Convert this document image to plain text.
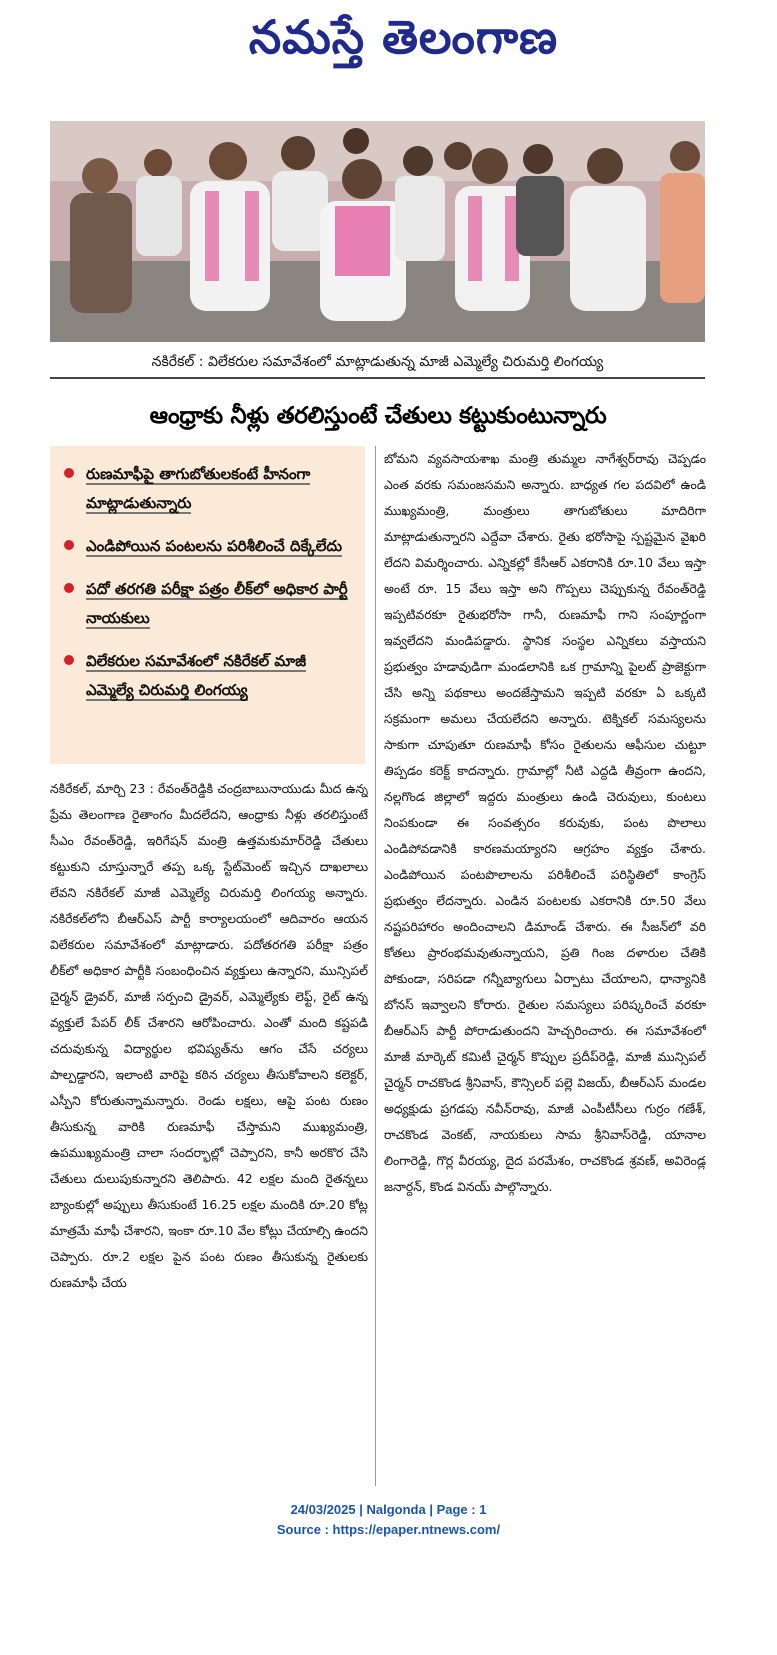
నమస్తే తెలంగాణ
నకిరేకల్ : విలేకరుల సమావేశంలో మాట్లాడుతున్న మాజీ ఎమ్మెల్యే చిరుమర్తి లింగయ్య
ఆంధ్రాకు నీళ్లు తరలిస్తుంటే చేతులు కట్టుకుంటున్నారు
రుణమాఫీపై తాగుబోతులకంటే హీనంగా మాట్లాడుతున్నారు
ఎండిపోయిన పంటలను పరిశీలించే దిక్కేలేదు
పదో తరగతి పరీక్షా పత్రం లీక్‌లో అధికార పార్టీ నాయకులు
విలేకరుల సమావేశంలో నకిరేకల్ మాజీ ఎమ్మెల్యే చిరుమర్తి లింగయ్య
నకిరేకల్, మార్చి 23 : రేవంత్‌రెడ్డికి చంద్రబాబునాయుడు మీద ఉన్న ప్రేమ తెలంగాణ రైతాంగం మీదలేదని, ఆంధ్రాకు నీళ్లు తరలిస్తుంటే సీఎం రేవంత్‌రెడ్డి, ఇరిగేషన్ మంత్రి ఉత్తమకుమార్‌రెడ్డి చేతులు కట్టుకుని చూస్తున్నారే తప్ప ఒక్క స్టేట్‌మెంట్ ఇచ్చిన దాఖలాలు లేవని నకిరేకల్ మాజీ ఎమ్మెల్యే చిరుమర్తి లింగయ్య అన్నారు. నకిరేకల్‌లోని బీఆర్‌ఎస్ పార్టీ కార్యాలయంలో ఆదివారం ఆయన విలేకరుల సమావేశంలో మాట్లాడారు. పదోతరగతి పరీక్షా పత్రం లీక్‌లో అధికార పార్టీకి సంబంధించిన వ్యక్తులు ఉన్నారని, మున్సిపల్ చైర్మన్ డ్రైవర్, మాజీ సర్పంచి డ్రైవర్, ఎమ్మెల్యేకు లెఫ్ట్, రైట్ ఉన్న వ్యక్తులే పేపర్ లీక్ చేశారని ఆరోపించారు. ఎంతో మంది కష్టపడి చదువుకున్న విద్యార్థుల భవిష్యత్‌ను ఆగం చేసే చర్యలు పాల్పడ్డారని, ఇలాంటి వారిపై కఠిన చర్యలు తీసుకోవాలని కలెక్టర్, ఎస్పీని కోరుతున్నామన్నారు. రెండు లక్షలు, ఆపై పంట రుణం తీసుకున్న వారికి రుణమాఫీ చేస్తామని ముఖ్యమంత్రి, ఉపముఖ్యమంత్రి చాలా సందర్భాల్లో చెప్పారని, కానీ అరకొర చేసి చేతులు దులుపుకున్నారని తెలిపారు. 42 లక్షల మంది రైతన్నలు బ్యాంకుల్లో అప్పులు తీసుకుంటే 16.25 లక్షల మందికి రూ.20 కోట్ల మాత్రమే మాఫీ చేశారని, ఇంకా రూ.10 వేల కోట్లు చేయాల్సి ఉందని చెప్పారు. రూ.2 లక్షల పైన పంట రుణం తీసుకున్న రైతులకు రుణమాఫీ చేయ
బోమని వ్యవసాయశాఖ మంత్రి తుమ్మల నాగేశ్వర్‌రావు చెప్పడం ఎంత వరకు సమంజసమని అన్నారు. బాధ్యత గల పదవిలో ఉండి ముఖ్యమంత్రి, మంత్రులు తాగుబోతులు మాదిరిగా మాట్లాడుతున్నారని ఎద్దేవా చేశారు. రైతు భరోసాపై స్పష్టమైన వైఖరి లేదని విమర్శించారు. ఎన్నికల్లో కేసీఆర్ ఎకరానికి రూ.10 వేలు ఇస్తా అంటే రూ. 15 వేలు ఇస్తా అని గొప్పలు చెప్పుకున్న రేవంత్‌రెడ్డి ఇప్పటివరకూ రైతుభరోసా గానీ, రుణమాఫీ గాని సంపూర్ణంగా ఇవ్వలేదని మండిపడ్డారు. స్థానిక సంస్థల ఎన్నికలు వస్తాయని ప్రభుత్వం హడావుడిగా మండలానికి ఒక గ్రామాన్ని పైలట్ ప్రాజెక్టుగా చేసి అన్ని పథకాలు అందజేస్తామని ఇప్పటి వరకూ ఏ ఒక్కటి సక్రమంగా అమలు చేయలేదని అన్నారు. టెక్నికల్ సమస్యలను సాకుగా చూపుతూ రుణమాఫీ కోసం రైతులను ఆఫీసుల చుట్టూ తిప్పడం కరెక్ట్ కాదన్నారు. గ్రామాల్లో నీటి ఎద్దడి తీవ్రంగా ఉందని, నల్లగొండ జిల్లాలో ఇద్దరు మంత్రులు ఉండి చెరువులు, కుంటలు నింపకుండా ఈ సంవత్సరం కరువుకు, పంట పొలాలు ఎండిపోవడానికి కారణమయ్యారని ఆగ్రహం వ్యక్తం చేశారు. ఎండిపోయిన పంటపొలాలను పరిశీలించే పరిస్థితిలో కాంగ్రెస్ ప్రభుత్వం లేదన్నారు. ఎండిన పంటలకు ఎకరానికి రూ.50 వేలు నష్టపరిహారం అందించాలని డిమాండ్ చేశారు. ఈ సీజన్‌లో వరి కోతలు ప్రారంభమవుతున్నాయని, ప్రతి గింజ దళారుల చేతికి పోకుండా, సరిపడా గన్నీబ్యాగులు ఏర్పాటు చేయాలని, ధాన్యానికి బోనస్ ఇవ్వాలని కోరారు. రైతుల సమస్యలు పరిష్కరించే వరకూ బీఆర్‌ఎస్ పార్టీ పోరాడుతుందని హెచ్చరించారు. ఈ సమావేశంలో మాజీ మార్కెట్ కమిటీ చైర్మన్ కొప్పుల ప్రదీప్‌రెడ్డి, మాజీ మున్సిపల్ చైర్మన్ రాచకొండ శ్రీనివాస్, కౌన్సిలర్ పల్లె విజయ్, బీఆర్‌ఎస్ మండల అధ్యక్షుడు ప్రగడపు నవీన్‌రావు, మాజీ ఎంపీటీసీలు గుర్రం గణేశ్, రాచకొండ వెంకట్, నాయకులు సామ శ్రీనివాస్‌రెడ్డి, యానాల లింగారెడ్డి, గొర్ల వీరయ్య, దైద పరమేశం, రాచకొండ శ్రవణ్, అవిరెండ్ల జనార్దన్, కొండ వినయ్ పాల్గొన్నారు.
24/03/2025 | Nalgonda | Page : 1
Source : https://epaper.ntnews.com/
